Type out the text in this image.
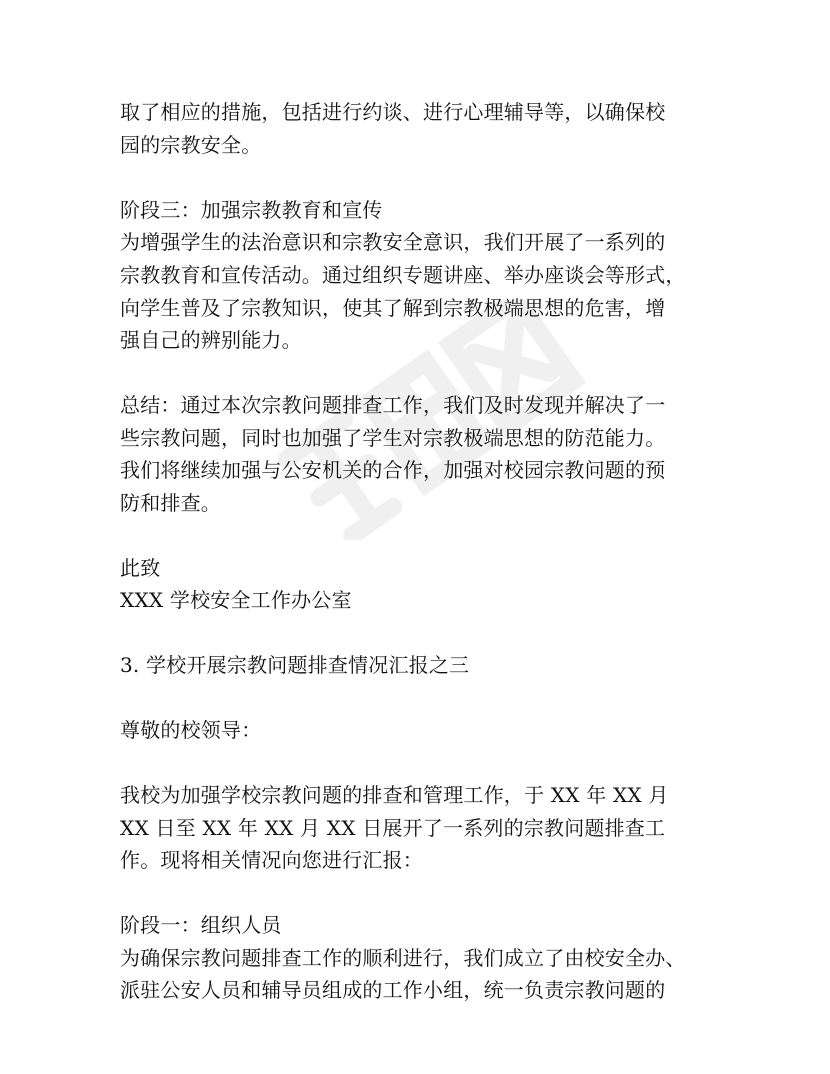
取了相应的措施，包括进行约谈、进行心理辅导等，以确保校
园的宗教安全。
阶段三：加强宗教教育和宣传
为增强学生的法治意识和宗教安全意识，我们开展了一系列的
宗教教育和宣传活动。通过组织专题讲座、举办座谈会等形式，
向学生普及了宗教知识，使其了解到宗教极端思想的危害，增
强自己的辨别能力。
总结：通过本次宗教问题排查工作，我们及时发现并解决了一
些宗教问题，同时也加强了学生对宗教极端思想的防范能力。
我们将继续加强与公安机关的合作，加强对校园宗教问题的预
防和排查。
此致
XXX 学校安全工作办公室
3. 学校开展宗教问题排查情况汇报之三
尊敬的校领导：
我校为加强学校宗教问题的排查和管理工作，于 XX 年 XX 月
XX 日至 XX 年 XX 月 XX 日展开了一系列的宗教问题排查工
作。现将相关情况向您进行汇报：
阶段一：组织人员
为确保宗教问题排查工作的顺利进行，我们成立了由校安全办、
派驻公安人员和辅导员组成的工作小组，统一负责宗教问题的
